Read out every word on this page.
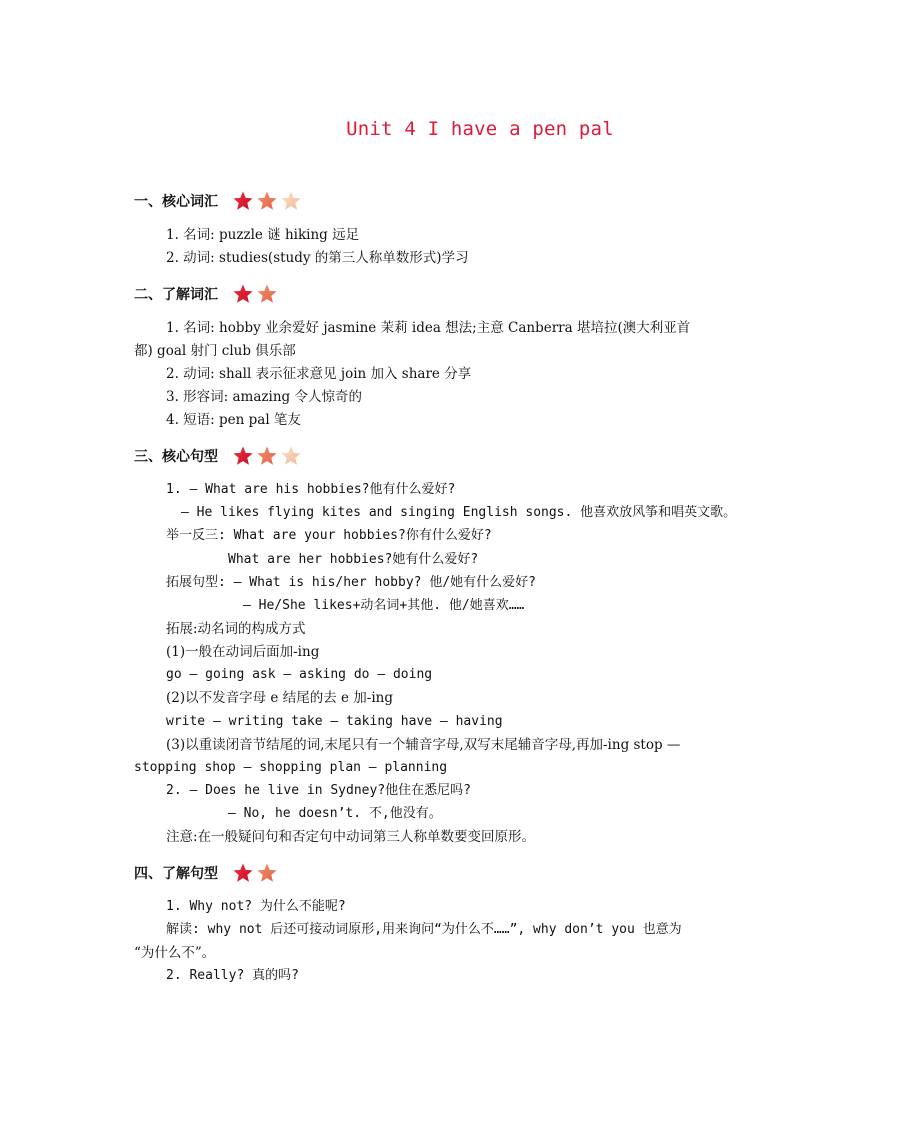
Unit 4 I have a pen pal
一、核心词汇
1. 名词: puzzle 谜 hiking 远足
2. 动词: studies(study 的第三人称单数形式)学习
二、了解词汇
1. 名词: hobby 业余爱好 jasmine 茉莉 idea 想法;主意 Canberra 堪培拉(澳大利亚首
都) goal 射门 club 俱乐部
2. 动词: shall 表示征求意见 join 加入 share 分享
3. 形容词: amazing 令人惊奇的
4. 短语: pen pal 笔友
三、核心句型
1. — What are his hobbies?他有什么爱好?
— He likes flying kites and singing English songs. 他喜欢放风筝和唱英文歌。
举一反三: What are your hobbies?你有什么爱好?
What are her hobbies?她有什么爱好?
拓展句型: — What is his/her hobby? 他/她有什么爱好?
— He/She likes+动名词+其他. 他/她喜欢……
拓展:动名词的构成方式
(1)一般在动词后面加-ing
go — going ask — asking do — doing
(2)以不发音字母 e 结尾的去 e 加-ing
write — writing take — taking have — having
(3)以重读闭音节结尾的词,末尾只有一个辅音字母,双写末尾辅音字母,再加-ing stop —
stopping shop — shopping plan — planning
2. — Does he live in Sydney?他住在悉尼吗?
— No, he doesn’t. 不,他没有。
注意:在一般疑问句和否定句中动词第三人称单数要变回原形。
四、了解句型
1. Why not? 为什么不能呢?
解读: why not 后还可接动词原形,用来询问“为什么不……”, why don’t you 也意为
“为什么不”。
2. Really? 真的吗?
